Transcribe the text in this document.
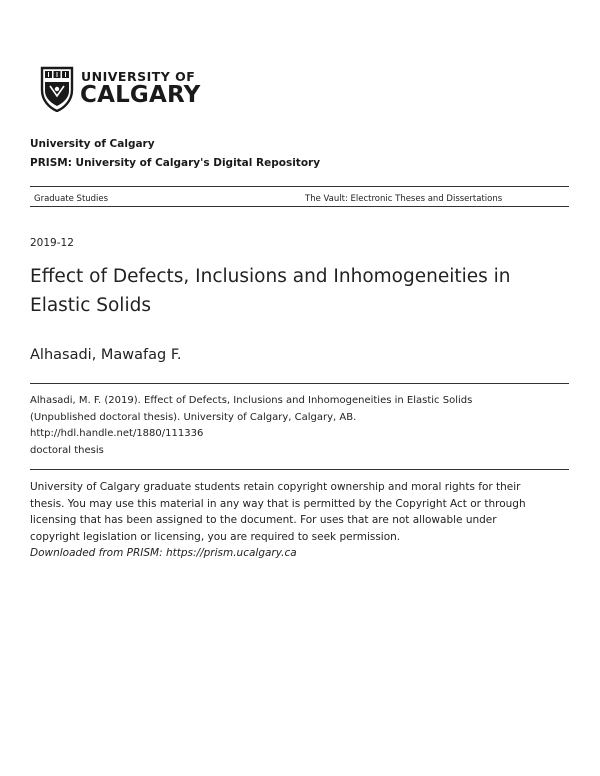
UNIVERSITY OF
CALGARY
University of Calgary
PRISM: University of Calgary's Digital Repository
Graduate Studies	The Vault: Electronic Theses and Dissertations
2019-12
Effect of Defects, Inclusions and Inhomogeneities in
Elastic Solids
Alhasadi, Mawafag F.
Alhasadi, M. F. (2019). Effect of Defects, Inclusions and Inhomogeneities in Elastic Solids
(Unpublished doctoral thesis). University of Calgary, Calgary, AB.
http://hdl.handle.net/1880/111336
doctoral thesis
University of Calgary graduate students retain copyright ownership and moral rights for their
thesis. You may use this material in any way that is permitted by the Copyright Act or through
licensing that has been assigned to the document. For uses that are not allowable under
copyright legislation or licensing, you are required to seek permission.
Downloaded from PRISM: https://prism.ucalgary.ca
